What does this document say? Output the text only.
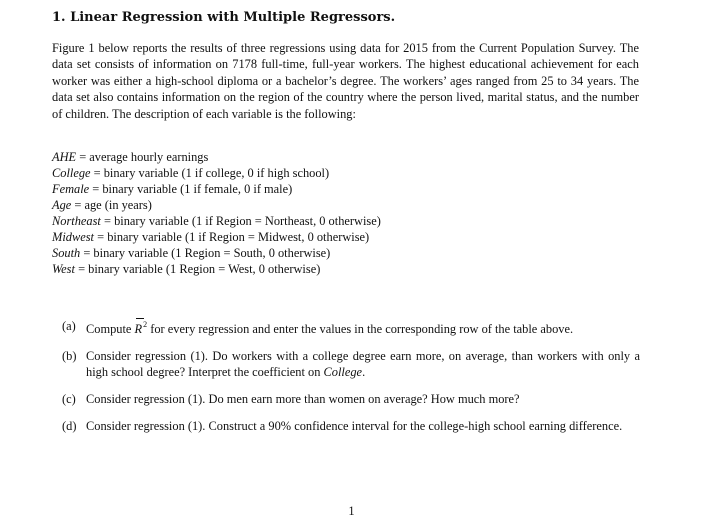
1. Linear Regression with Multiple Regressors.

Figure 1 below reports the results of three regressions using data for 2015 from the Current Population Survey. The data set consists of information on 7178 full-time, full-year workers. The highest educational achievement for each worker was either a high-school diploma or a bachelor’s degree. The workers’ ages ranged from 25 to 34 years. The data set also contains information on the region of the country where the person lived, marital status, and the number of children. The description of each variable is the following:

AHE = average hourly earnings
College = binary variable (1 if college, 0 if high school)
Female = binary variable (1 if female, 0 if male)
Age = age (in years)
Northeast = binary variable (1 if Region = Northeast, 0 otherwise)
Midwest = binary variable (1 if Region = Midwest, 0 otherwise)
South = binary variable (1 Region = South, 0 otherwise)
West = binary variable (1 Region = West, 0 otherwise)
(a) Compute $R^2$ for every regression and enter the values in the corresponding row of the table above.
(b) Consider regression (1). Do workers with a college degree earn more, on average, than workers with only a high school degree? Interpret the coefficient on College.
(c) Consider regression (1). Do men earn more than women on average? How much more?
(d) Consider regression (1). Construct a 90% confidence interval for the college-high school earning difference.
1
